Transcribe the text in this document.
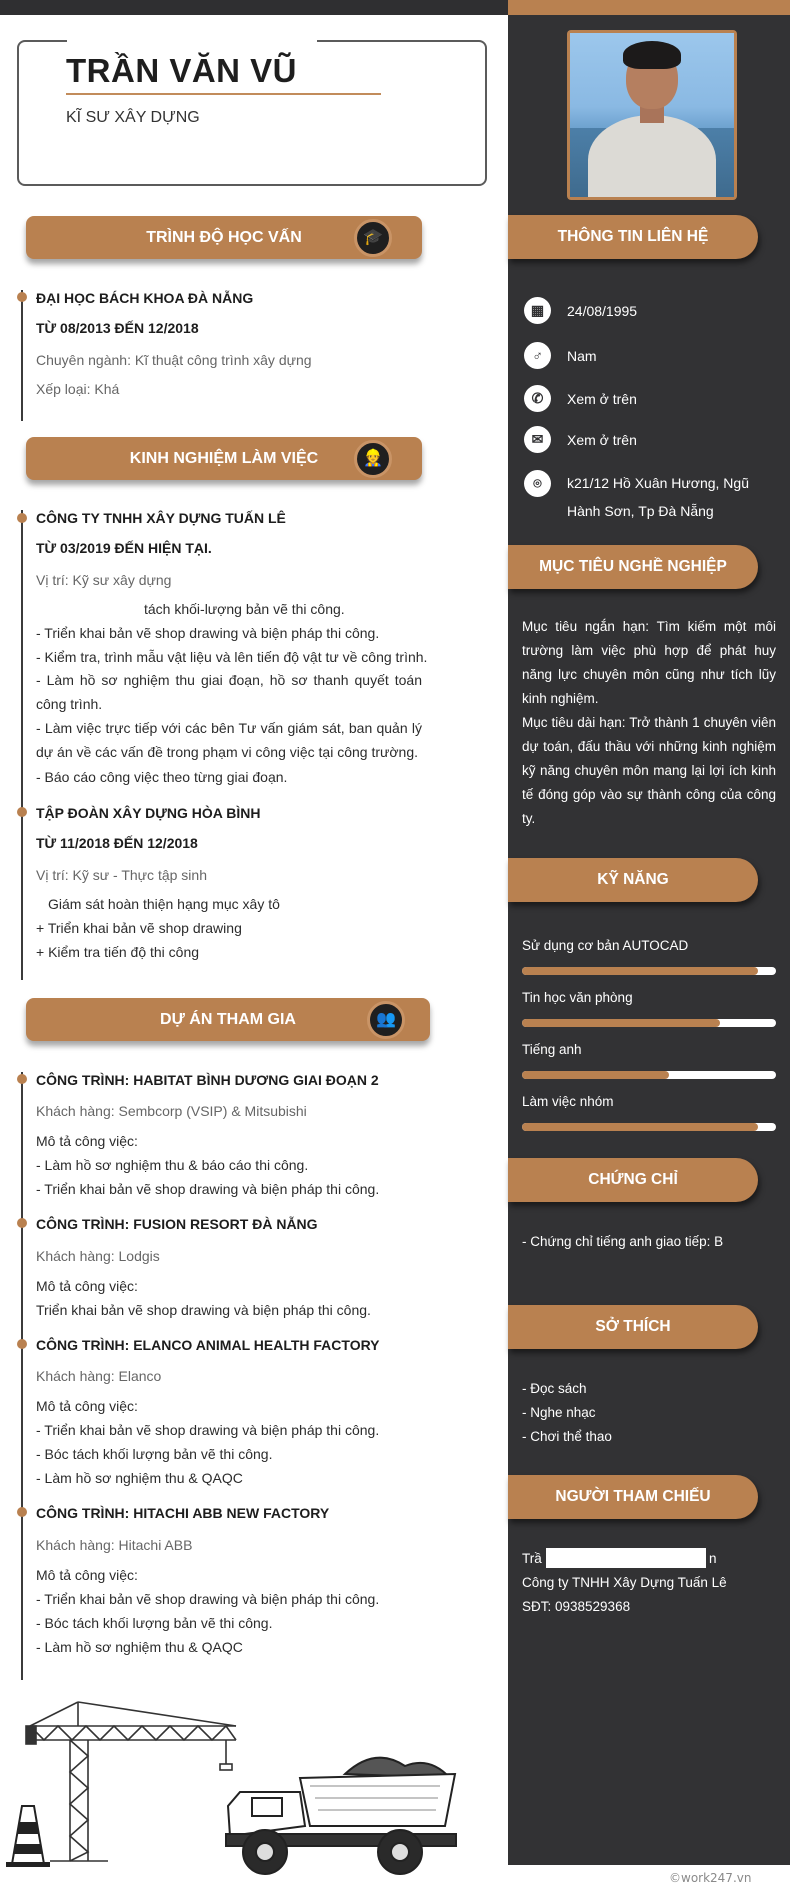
TRẦN VĂN VŨ
KĨ SƯ XÂY DỰNG
TRÌNH ĐỘ HỌC VẤN	🎓
ĐẠI HỌC BÁCH KHOA ĐÀ NẴNG
TỪ 08/2013 ĐẾN 12/2018
Chuyên ngành: Kĩ thuật công trình xây dựng
Xếp loại: Khá
KINH NGHIỆM LÀM VIỆC	👷
CÔNG TY TNHH XÂY DỰNG TUẤN LÊ
TỪ 03/2019 ĐẾN HIỆN TẠI.
Vị trí: Kỹ sư xây dựng
tách khối-lượng bản vẽ thi công.
- Triển khai bản vẽ shop drawing và biện pháp thi công.
- Kiểm tra, trình mẫu vật liệu và lên tiến độ vật tư về công trình.
- Làm hồ sơ nghiệm thu giai đoạn, hồ sơ thanh quyết toán công trình.
- Làm việc trực tiếp với các bên Tư vấn giám sát, ban quản lý dự án về các vấn đề trong phạm vi công việc tại công trường.
- Báo cáo công việc theo từng giai đoạn.
TẬP ĐOÀN XÂY DỰNG HÒA BÌNH
TỪ 11/2018 ĐẾN 12/2018
Vị trí: Kỹ sư - Thực tập sinh
Giám sát hoàn thiện hạng mục xây tô
+ Triển khai bản vẽ shop drawing
+ Kiểm tra tiến độ thi công
DỰ ÁN THAM GIA	👥
CÔNG TRÌNH: HABITAT BÌNH DƯƠNG GIAI ĐOẠN 2
Khách hàng: Sembcorp (VSIP) & Mitsubishi
Mô tả công việc:
- Làm hồ sơ nghiệm thu & báo cáo thi công.
- Triển khai bản vẽ shop drawing và biện pháp thi công.
CÔNG TRÌNH: FUSION RESORT ĐÀ NẴNG
Khách hàng: Lodgis
Mô tả công việc:
Triển khai bản vẽ shop drawing và biện pháp thi công.
CÔNG TRÌNH: ELANCO ANIMAL HEALTH FACTORY
Khách hàng: Elanco
Mô tả công việc:
- Triển khai bản vẽ shop drawing và biện pháp thi công.
- Bóc tách khối lượng bản vẽ thi công.
- Làm hồ sơ nghiệm thu & QAQC
CÔNG TRÌNH: HITACHI ABB NEW FACTORY
Khách hàng: Hitachi ABB
Mô tả công việc:
- Triển khai bản vẽ shop drawing và biện pháp thi công.
- Bóc tách khối lượng bản vẽ thi công.
- Làm hồ sơ nghiệm thu & QAQC
THÔNG TIN LIÊN HỆ
▦	24/08/1995
♂	Nam
✆	Xem ở trên
✉	Xem ở trên
⌾	k21/12 Hồ Xuân Hương, Ngũ
Hành Sơn, Tp Đà Nẵng
MỤC TIÊU NGHỀ NGHIỆP
Mục tiêu ngắn hạn: Tìm kiếm một môi trường làm việc phù hợp để phát huy năng lực chuyên môn cũng như tích lũy kinh nghiệm.
Mục tiêu dài hạn: Trở thành 1 chuyên viên dự toán, đấu thầu với những kinh nghiệm kỹ năng chuyên môn mang lại lợi ích kinh tế đóng góp vào sự thành công của công ty.
KỸ NĂNG
Sử dụng cơ bản AUTOCAD
Tin học văn phòng
Tiếng anh
Làm việc nhóm
CHỨNG CHỈ
- Chứng chỉ tiếng anh giao tiếp: B
SỞ THÍCH
- Đọc sách
- Nghe nhạc
- Chơi thể thao
NGƯỜI THAM CHIẾU
Trầ	n
Công ty TNHH Xây Dựng Tuấn Lê
SĐT: 0938529368
©work247.vn
